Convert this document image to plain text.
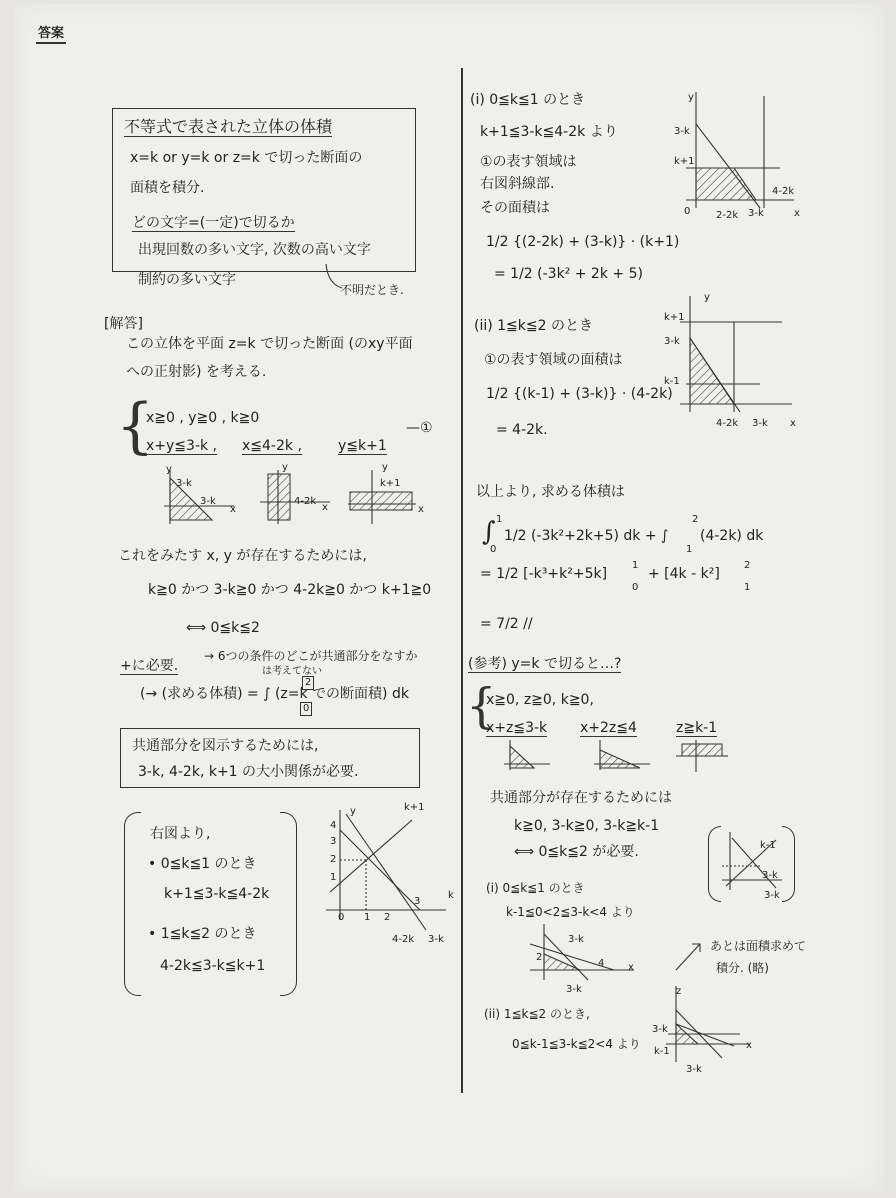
答案
不等式で表された立体の体積
x=k or y=k or z=k で切った断面の
面積を積分.
どの文字=(一定)で切るか
出現回数の多い文字, 次数の高い文字
制約の多い文字
不明だとき.
[解答]
この立体を平面 z=k で切った断面 (のxy平面
への正射影) を考える.
{
x≧0 , y≧0 , k≧0
x+y≦3-k , x≦4-2k ,	y≦k+1
—①
y
3-k
3-k
x
y
4-2k
x
y
k+1
x
これをみたす x, y が存在するためには,
k≧0 かつ 3-k≧0 かつ 4-2k≧0 かつ k+1≧0
⟺ 0≦k≦2
+に必要.
→ 6つの条件のどこが共通部分をなすか
は考えてない
(→ (求める体積) = ∫ (z=k での断面積) dk
2
0
共通部分を図示するためには,
3-k, 4-2k, k+1 の大小関係が必要.
右図より,
• 0≦k≦1 のとき
k+1≦3-k≦4-2k
• 1≦k≦2 のとき
4-2k≦3-k≦k+1
y	k+1
4
3
2
1
k
0 1 2
3
4-2k 3-k
(i) 0≦k≦1 のとき
k+1≦3-k≦4-2k より
①の表す領域は
右図斜線部.
その面積は
1/2 {(2-2k) + (3-k)} · (k+1)
= 1/2 (-3k² + 2k + 5)
y
3-k
k+1
4-2k
0	2-2k 3-k	x
(ii) 1≦k≦2 のとき
①の表す領域の面積は
1/2 {(k-1) + (3-k)} · (4-2k)
= 4-2k.
y
k+1
3-k
k-1
4-2k 3-k x
以上より, 求める体積は
∫ 1
0
1/2 (-3k²+2k+5) dk + ∫
2
1
(4-2k) dk
= 1/2 [-k³+k²+5k]
1
0
+ [4k - k²]
2
1
= 7/2 //
(参考) y=k で切ると…?
{
x≧0, z≧0, k≧0,
x+z≦3-k x+2z≦4	z≧k-1
共通部分が存在するためには
k≧0, 3-k≧0, 3-k≧k-1
⟺ 0≦k≦2 が必要.	k-1
3-k
3-k
(i) 0≦k≦1 のとき
k-1≦0<2≦3-k<4 より
3-k
2
4 x
3-k
あとは面積求めて
積分. (略)
(ii) 1≦k≦2 のとき,
0≦k-1≦3-k≦2<4 より
z
3-k
k-1
x
3-k
